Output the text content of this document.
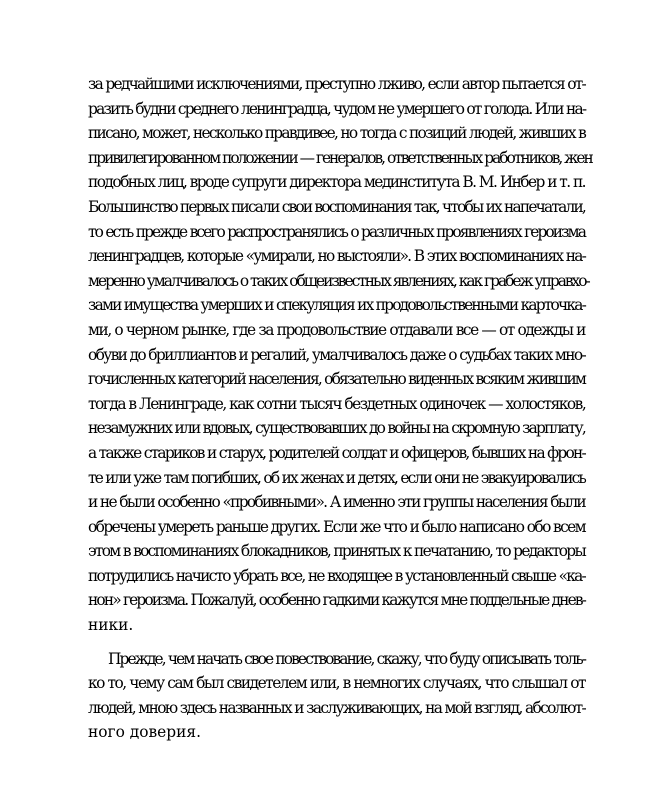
за редчайшими исключениями, преступно лживо, если автор пытается от-
разить будни среднего ленинградца, чудом не умершего от голода. Или на-
писано, может, несколько правдивее, но тогда с позиций людей, живших в
привилегированном положении — генералов, ответственных работников, жен
подобных лиц, вроде супруги директора мединститута В. М. Инбер и т. п.
Большинство первых писали свои воспоминания так, чтобы их напечатали,
то есть прежде всего распространялись о различных проявлениях героизма
ленинградцев, которые «умирали, но выстояли». В этих воспоминаниях на-
меренно умалчивалось о таких общеизвестных явлениях, как грабеж управхо-
зами имущества умерших и спекуляция их продовольственными карточка-
ми, о черном рынке, где за продовольствие отдавали все — от одежды и
обуви до бриллиантов и регалий, умалчивалось даже о судьбах таких мно-
гочисленных категорий населения, обязательно виденных всяким жившим
тогда в Ленинграде, как сотни тысяч бездетных одиночек — холостяков,
незамужних или вдовых, существовавших до войны на скромную зарплату,
а также стариков и старух, родителей солдат и офицеров, бывших на фрон-
те или уже там погибших, об их женах и детях, если они не эвакуировались
и не были особенно «пробивными». А именно эти группы населения были
обречены умереть раньше других. Если же что и было написано обо всем
этом в воспоминаниях блокадников, принятых к печатанию, то редакторы
потрудились начисто убрать все, не входящее в установленный свыше «ка-
нон» героизма. Пожалуй, особенно гадкими кажутся мне поддельные днев-
ники.
Прежде, чем начать свое повествование, скажу, что буду описывать толь-
ко то, чему сам был свидетелем или, в немногих случаях, что слышал от
людей, мною здесь названных и заслуживающих, на мой взгляд, абсолют-
ного доверия.
